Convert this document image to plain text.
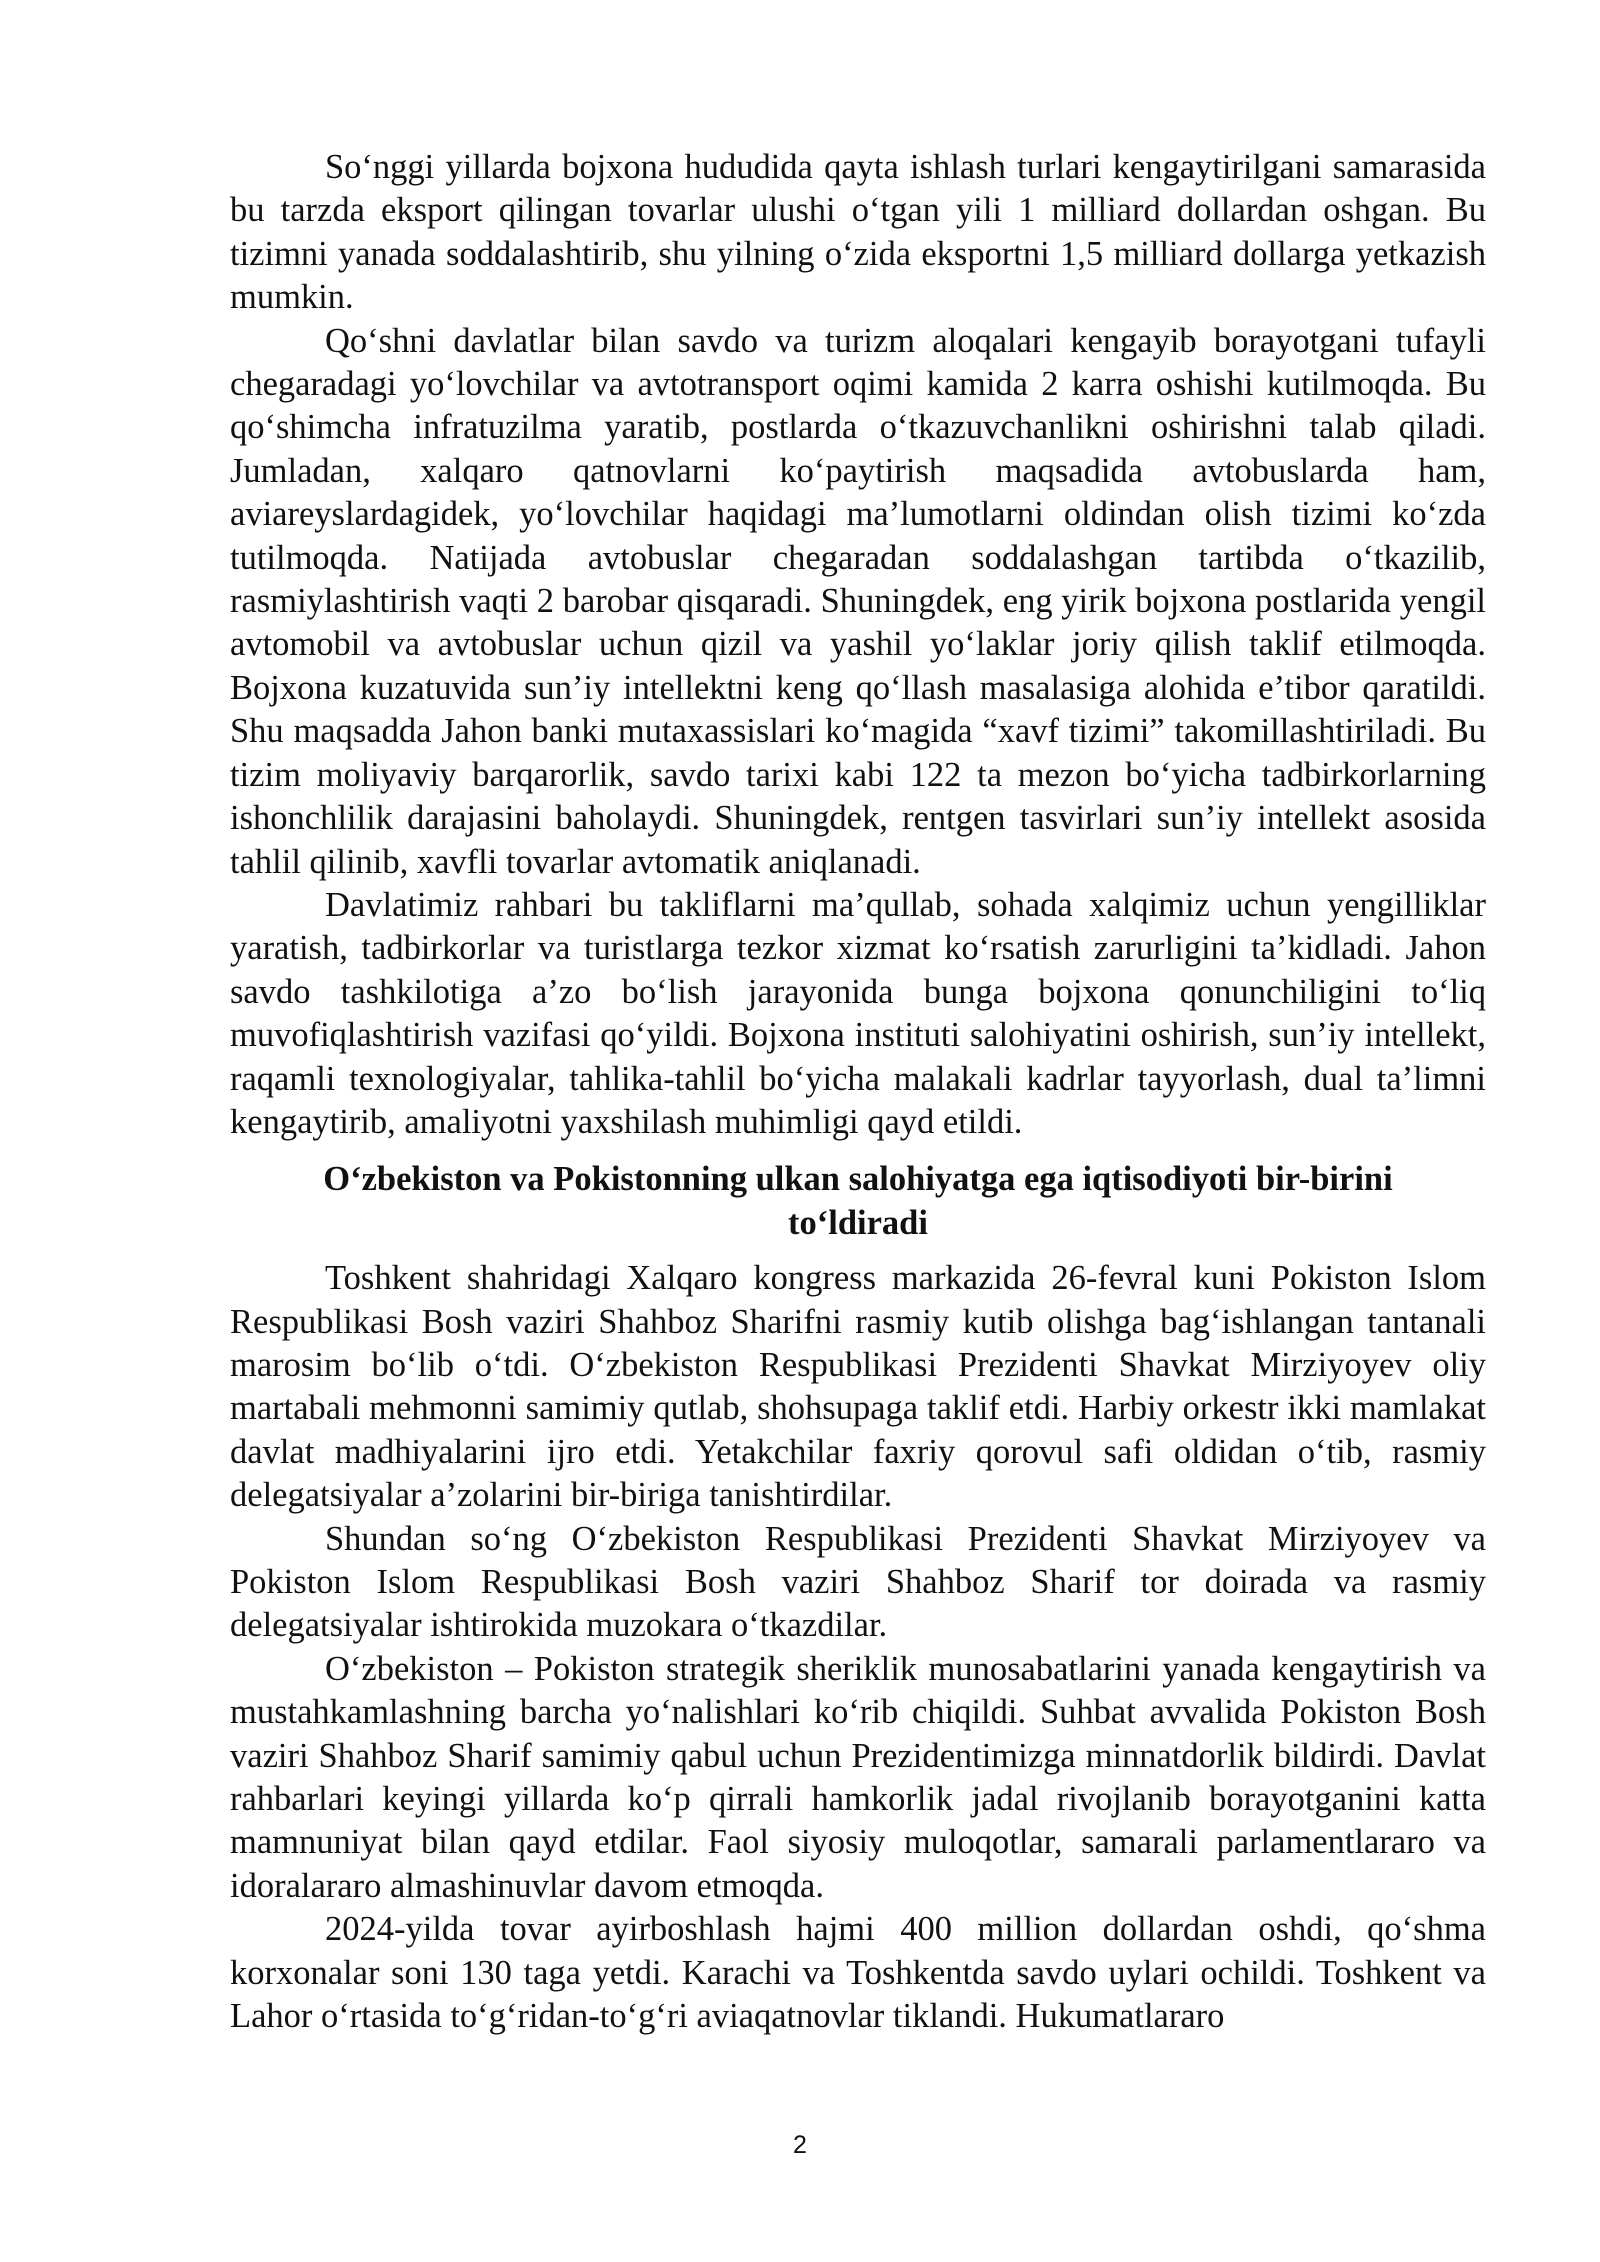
So‘nggi yillarda bojxona hududida qayta ishlash turlari kengaytirilgani samarasida bu tarzda eksport qilingan tovarlar ulushi o‘tgan yili 1 milliard dollardan oshgan. Bu tizimni yanada soddalashtirib, shu yilning o‘zida eksportni 1,5 milliard dollarga yetkazish mumkin.

Qo‘shni davlatlar bilan savdo va turizm aloqalari kengayib borayotgani tufayli chegaradagi yo‘lovchilar va avtotransport oqimi kamida 2 karra oshishi kutilmoqda. Bu qo‘shimcha infratuzilma yaratib, postlarda o‘tkazuvchanlikni oshirishni talab qiladi. Jumladan, xalqaro qatnovlarni ko‘paytirish maqsadida avtobuslarda ham, aviareyslardagidek, yo‘lovchilar haqidagi ma’lumotlarni oldindan olish tizimi ko‘zda tutilmoqda. Natijada avtobuslar chegaradan soddalashgan tartibda o‘tkazilib, rasmiylashtirish vaqti 2 barobar qisqaradi. Shuningdek, eng yirik bojxona postlarida yengil avtomobil va avtobuslar uchun qizil va yashil yo‘laklar joriy qilish taklif etilmoqda. Bojxona kuzatuvida sun’iy intellektni keng qo‘llash masalasiga alohida e’tibor qaratildi. Shu maqsadda Jahon banki mutaxassislari ko‘magida “xavf tizimi” takomillashtiriladi. Bu tizim moliyaviy barqarorlik, savdo tarixi kabi 122 ta mezon bo‘yicha tadbirkorlarning ishonchlilik darajasini baholaydi. Shuningdek, rentgen tasvirlari sun’iy intellekt asosida tahlil qilinib, xavfli tovarlar avtomatik aniqlanadi.

Davlatimiz rahbari bu takliflarni ma’qullab, sohada xalqimiz uchun yengilliklar yaratish, tadbirkorlar va turistlarga tezkor xizmat ko‘rsatish zarurligini ta’kidladi. Jahon savdo tashkilotiga a’zo bo‘lish jarayonida bunga bojxona qonunchiligini to‘liq muvofiqlashtirish vazifasi qo‘yildi. Bojxona instituti salohiyatini oshirish, sun’iy intellekt, raqamli texnologiyalar, tahlika-tahlil bo‘yicha malakali kadrlar tayyorlash, dual ta’limni kengaytirib, amaliyotni yaxshilash muhimligi qayd etildi.

O‘zbekiston va Pokistonning ulkan salohiyatga ega iqtisodiyoti bir-birini to‘ldiradi

Toshkent shahridagi Xalqaro kongress markazida 26-fevral kuni Pokiston Islom Respublikasi Bosh vaziri Shahboz Sharifni rasmiy kutib olishga bag‘ishlangan tantanali marosim bo‘lib o‘tdi. O‘zbekiston Respublikasi Prezidenti Shavkat Mirziyoyev oliy martabali mehmonni samimiy qutlab, shohsupaga taklif etdi. Harbiy orkestr ikki mamlakat davlat madhiyalarini ijro etdi. Yetakchilar faxriy qorovul safi oldidan o‘tib, rasmiy delegatsiyalar a’zolarini bir-biriga tanishtirdilar.

Shundan so‘ng O‘zbekiston Respublikasi Prezidenti Shavkat Mirziyoyev va Pokiston Islom Respublikasi Bosh vaziri Shahboz Sharif tor doirada va rasmiy delegatsiyalar ishtirokida muzokara o‘tkazdilar.

O‘zbekiston – Pokiston strategik sheriklik munosabatlarini yanada kengaytirish va mustahkamlashning barcha yo‘nalishlari ko‘rib chiqildi. Suhbat avvalida Pokiston Bosh vaziri Shahboz Sharif samimiy qabul uchun Prezidentimizga minnatdorlik bildirdi. Davlat rahbarlari keyingi yillarda ko‘p qirrali hamkorlik jadal rivojlanib borayotganini katta mamnuniyat bilan qayd etdilar. Faol siyosiy muloqotlar, samarali parlamentlararo va idoralararo almashinuvlar davom etmoqda.

2024-yilda tovar ayirboshlash hajmi 400 million dollardan oshdi, qo‘shma korxonalar soni 130 taga yetdi. Karachi va Toshkentda savdo uylari ochildi. Toshkent va Lahor o‘rtasida to‘g‘ridan-to‘g‘ri aviaqatnovlar tiklandi. Hukumatlararo

2
